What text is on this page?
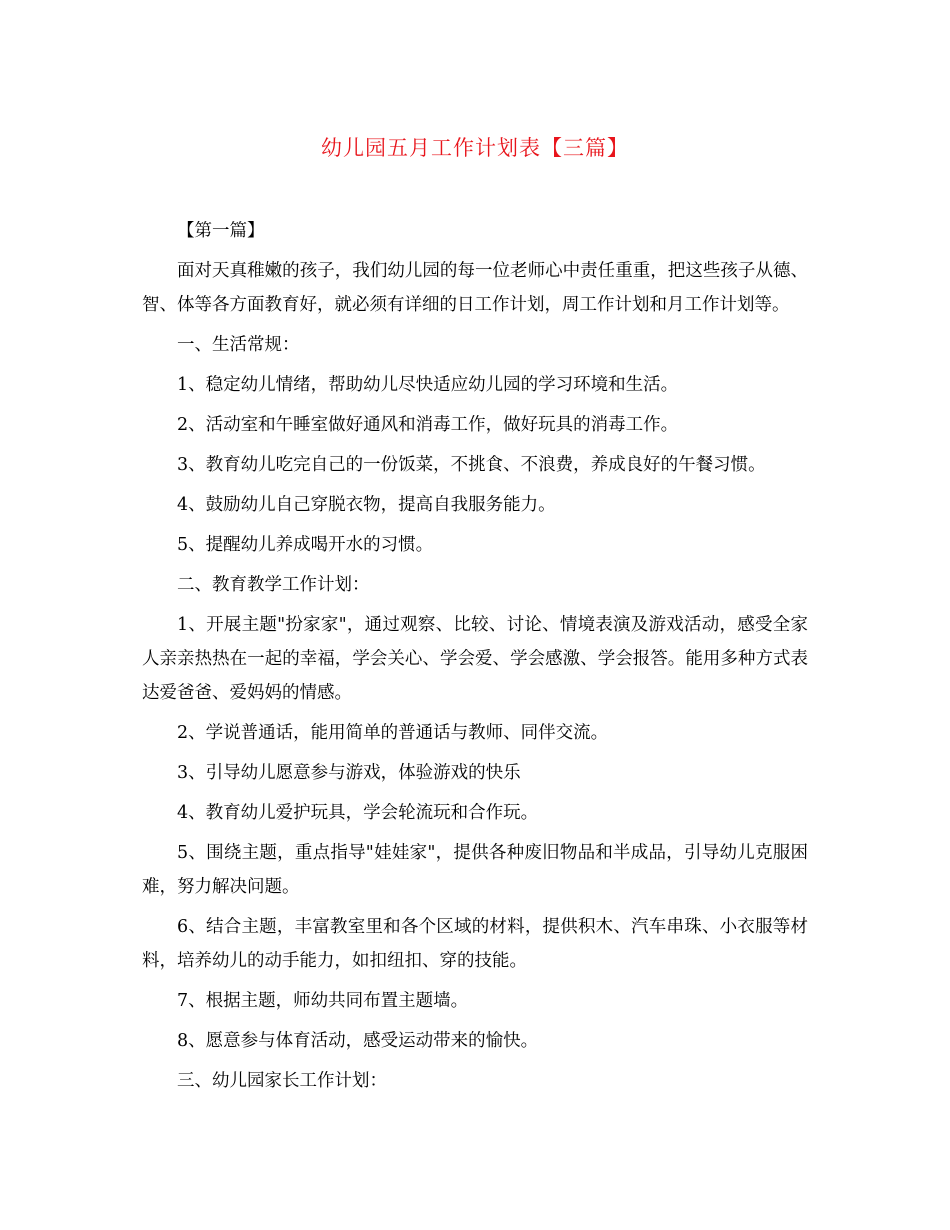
幼儿园五月工作计划表【三篇】

【第一篇】

面对天真稚嫩的孩子，我们幼儿园的每一位老师心中责任重重，把这些孩子从德、智、体等各方面教育好，就必须有详细的日工作计划，周工作计划和月工作计划等。

一、生活常规：

1、稳定幼儿情绪，帮助幼儿尽快适应幼儿园的学习环境和生活。

2、活动室和午睡室做好通风和消毒工作，做好玩具的消毒工作。

3、教育幼儿吃完自己的一份饭菜，不挑食、不浪费，养成良好的午餐习惯。

4、鼓励幼儿自己穿脱衣物，提高自我服务能力。

5、提醒幼儿养成喝开水的习惯。

二、教育教学工作计划：

1、开展主题"扮家家"，通过观察、比较、讨论、情境表演及游戏活动，感受全家人亲亲热热在一起的幸福，学会关心、学会爱、学会感激、学会报答。能用多种方式表达爱爸爸、爱妈妈的情感。

2、学说普通话，能用简单的普通话与教师、同伴交流。

3、引导幼儿愿意参与游戏，体验游戏的快乐

4、教育幼儿爱护玩具，学会轮流玩和合作玩。

5、围绕主题，重点指导"娃娃家"，提供各种废旧物品和半成品，引导幼儿克服困难，努力解决问题。

6、结合主题，丰富教室里和各个区域的材料，提供积木、汽车串珠、小衣服等材料，培养幼儿的动手能力，如扣纽扣、穿的技能。

7、根据主题，师幼共同布置主题墙。

8、愿意参与体育活动，感受运动带来的愉快。

三、幼儿园家长工作计划：
